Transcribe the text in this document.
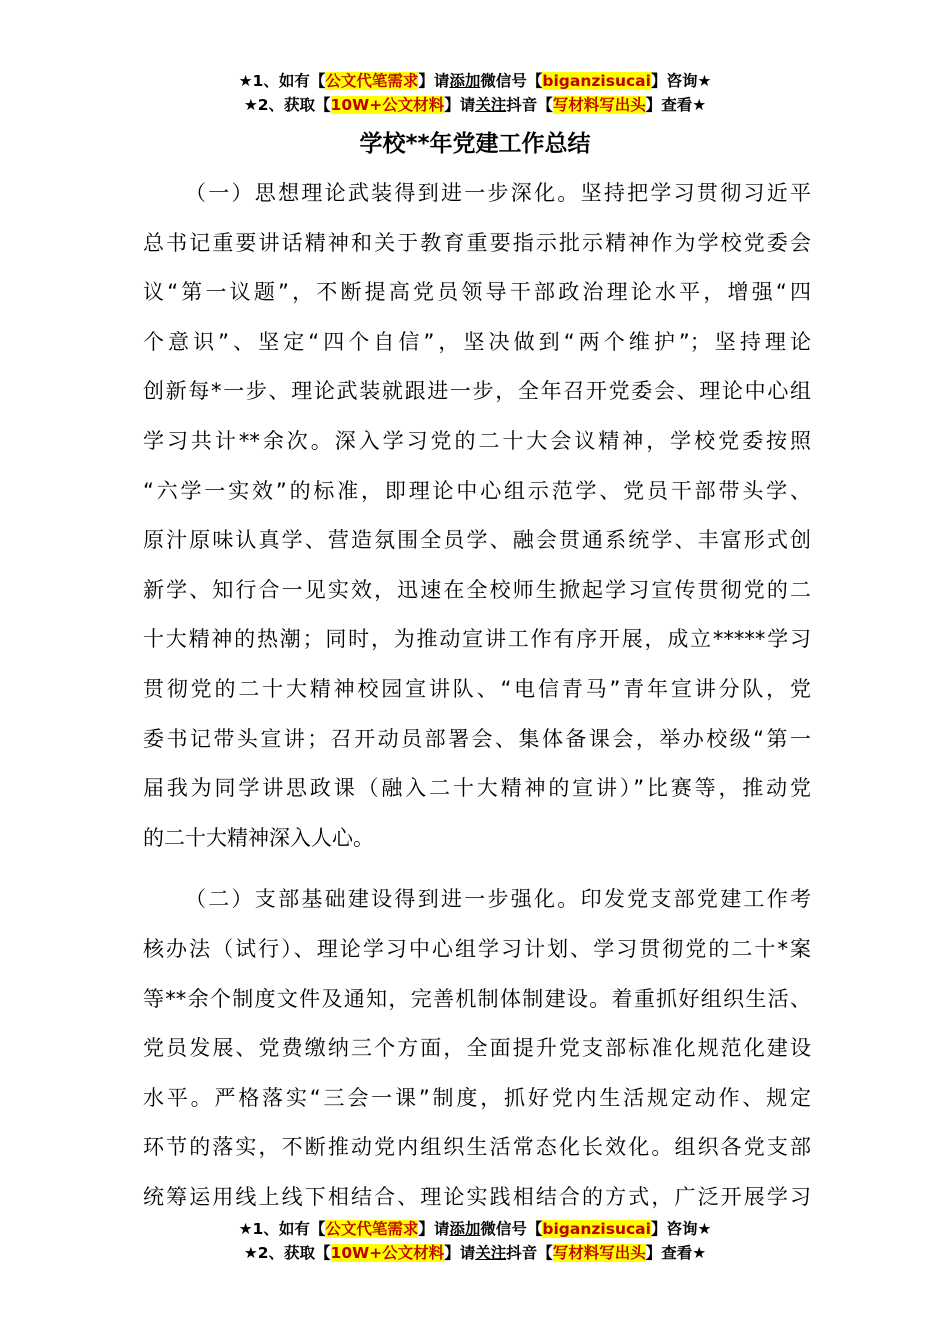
★1、如有【公文代笔需求】请添加微信号【biganzisucai】咨询★
★2、获取【10W+公文材料】请关注抖音【写材料写出头】查看★
学校**年党建工作总结
（一）思想理论武装得到进一步深化。坚持把学习贯彻习近平
总书记重要讲话精神和关于教育重要指示批示精神作为学校党委会
议“第一议题”，不断提高党员领导干部政治理论水平，增强“四
个意识”、坚定“四个自信”，坚决做到“两个维护”；坚持理论
创新每*一步、理论武装就跟进一步，全年召开党委会、理论中心组
学习共计**余次。深入学习党的二十大会议精神，学校党委按照
“六学一实效”的标准，即理论中心组示范学、党员干部带头学、
原汁原味认真学、营造氛围全员学、融会贯通系统学、丰富形式创
新学、知行合一见实效，迅速在全校师生掀起学习宣传贯彻党的二
十大精神的热潮；同时，为推动宣讲工作有序开展，成立*****学习
贯彻党的二十大精神校园宣讲队、“电信青马”青年宣讲分队，党
委书记带头宣讲；召开动员部署会、集体备课会，举办校级“第一
届我为同学讲思政课（融入二十大精神的宣讲）”比赛等，推动党
的二十大精神深入人心。
（二）支部基础建设得到进一步强化。印发党支部党建工作考
核办法（试行）、理论学习中心组学习计划、学习贯彻党的二十*案
等**余个制度文件及通知，完善机制体制建设。着重抓好组织生活、
党员发展、党费缴纳三个方面，全面提升党支部标准化规范化建设
水平。严格落实“三会一课”制度，抓好党内生活规定动作、规定
环节的落实，不断推动党内组织生活常态化长效化。组织各党支部
统筹运用线上线下相结合、理论实践相结合的方式，广泛开展学习
★1、如有【公文代笔需求】请添加微信号【biganzisucai】咨询★
★2、获取【10W+公文材料】请关注抖音【写材料写出头】查看★
